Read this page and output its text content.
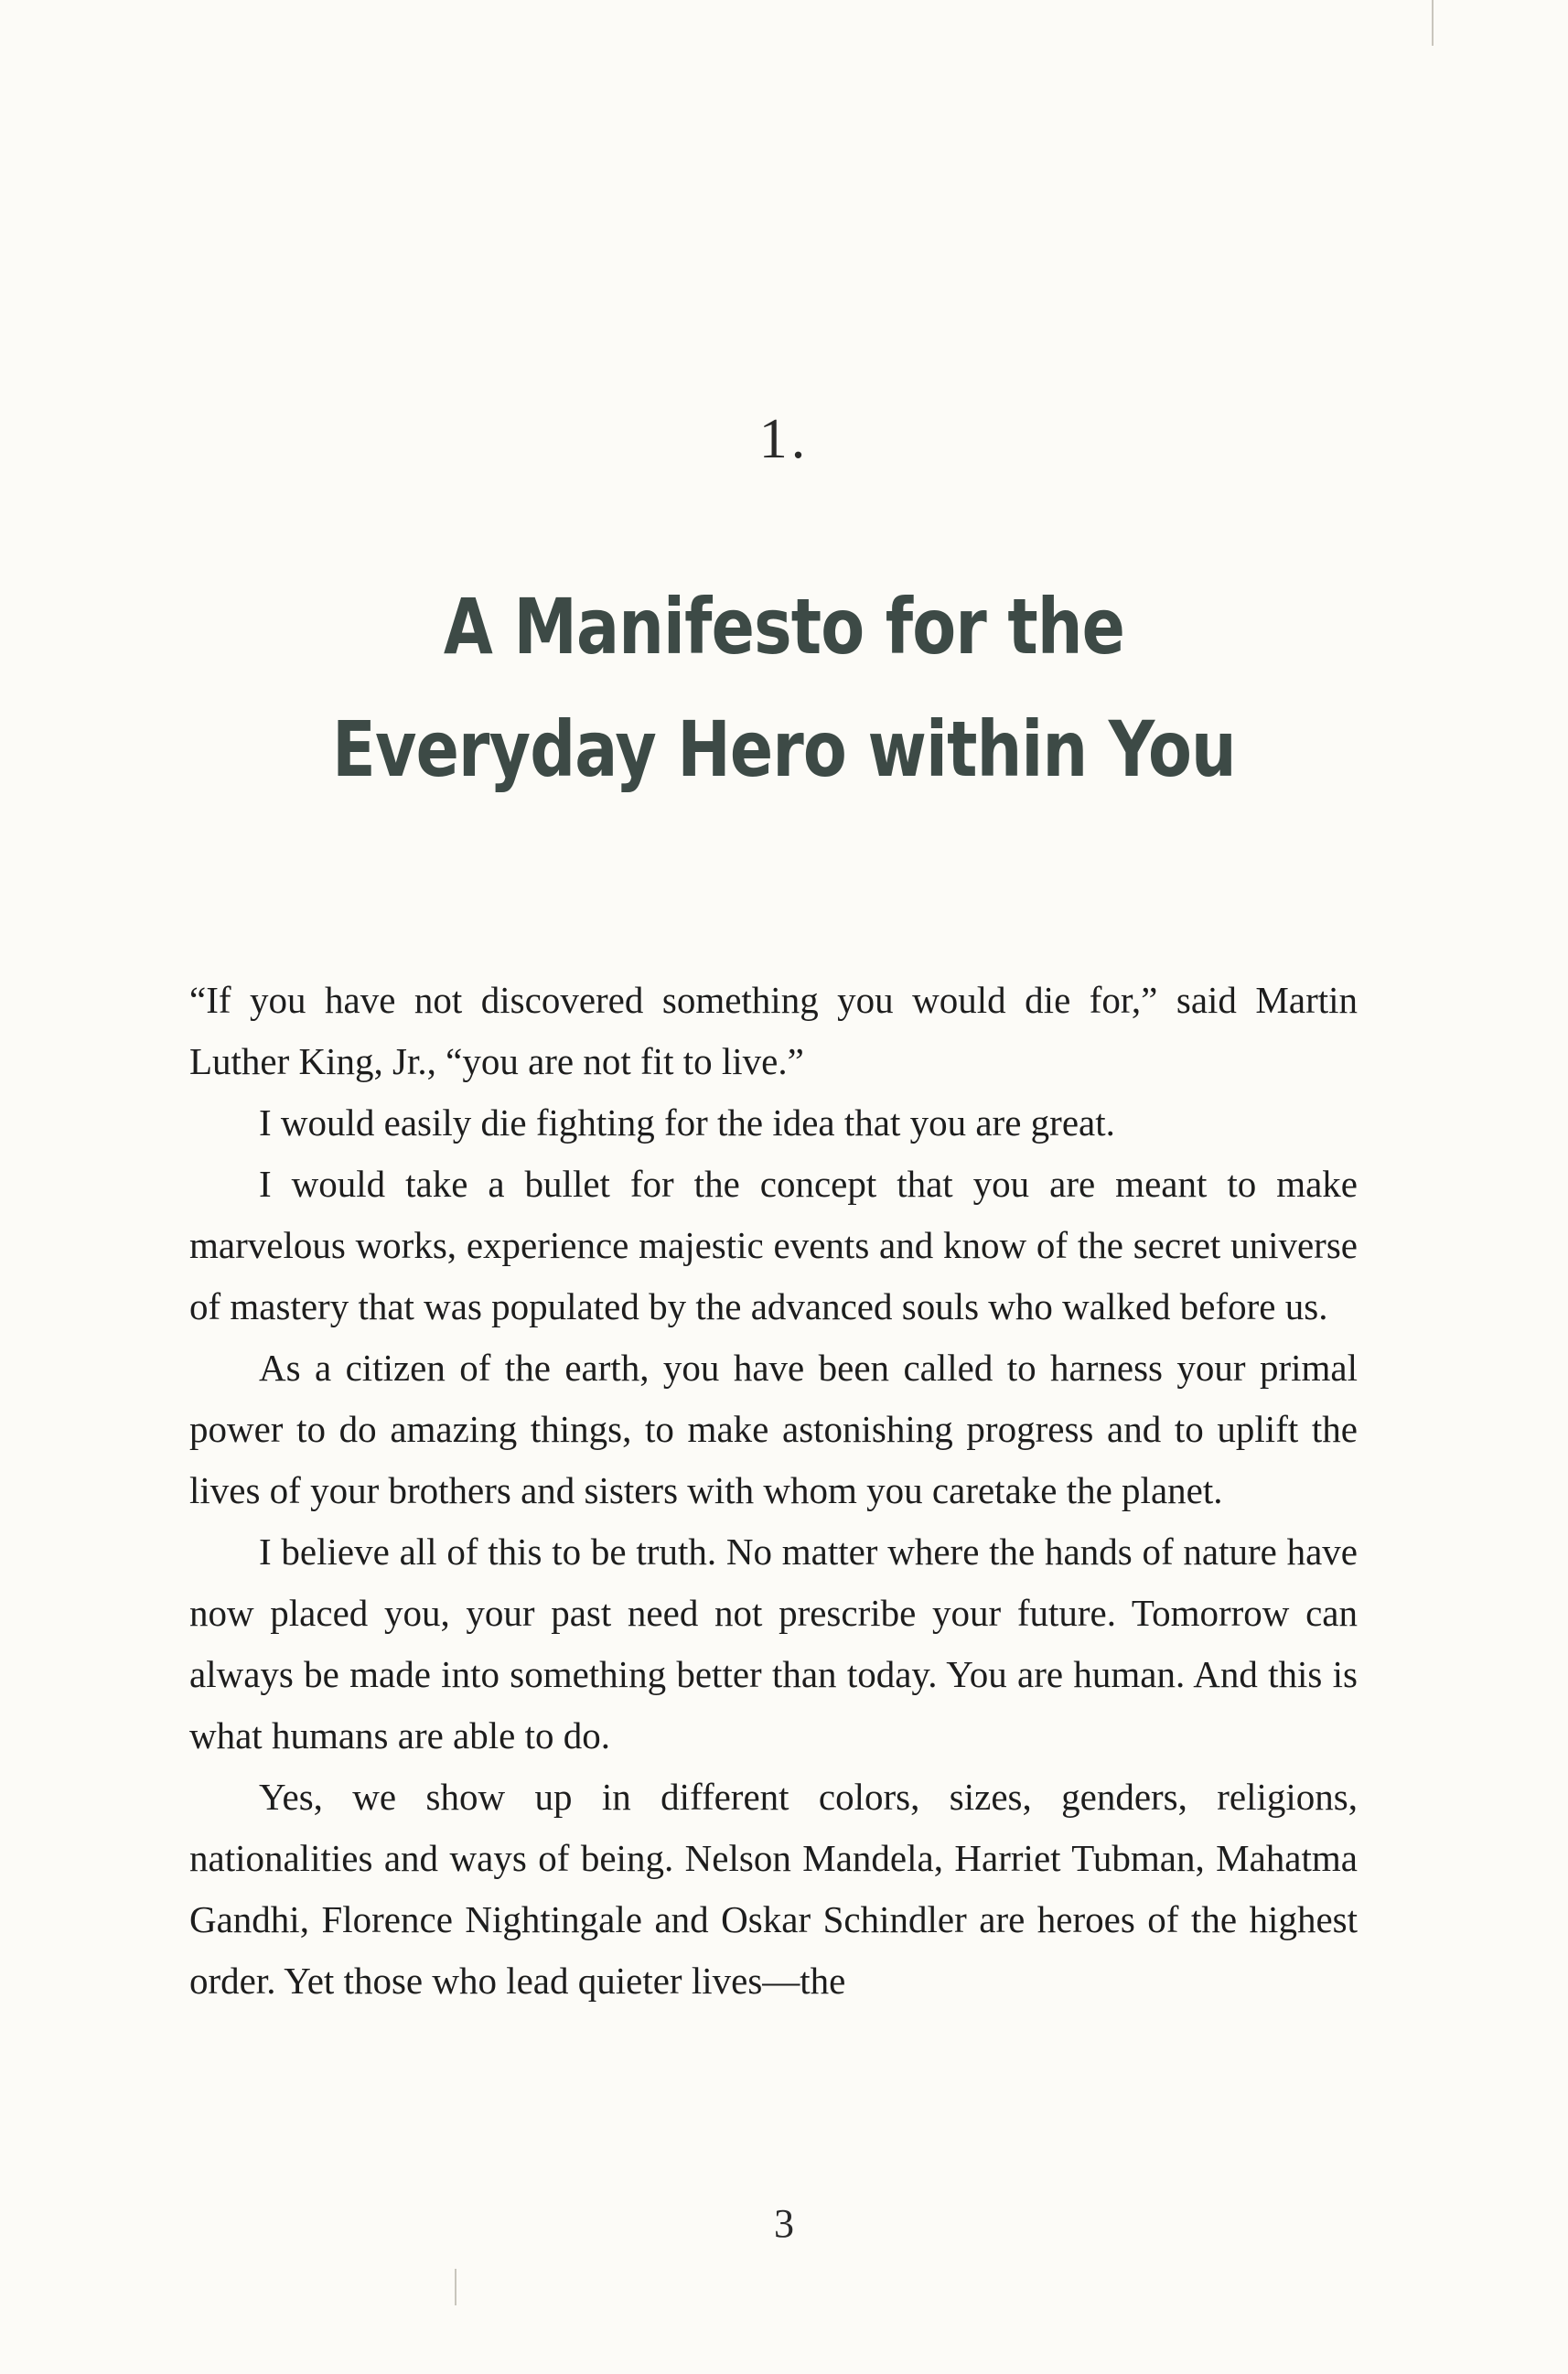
1.
A Manifesto for the
Everyday Hero within You

“If you have not discovered something you would die for,” said Martin Luther King, Jr., “you are not fit to live.”

I would easily die fighting for the idea that you are great.

I would take a bullet for the concept that you are meant to make marvelous works, experience majestic events and know of the secret universe of mastery that was populated by the advanced souls who walked before us.

As a citizen of the earth, you have been called to harness your primal power to do amazing things, to make astonishing progress and to uplift the lives of your brothers and sisters with whom you caretake the planet.

I believe all of this to be truth. No matter where the hands of nature have now placed you, your past need not prescribe your future. Tomorrow can always be made into something better than today. You are human. And this is what humans are able to do.

Yes, we show up in different colors, sizes, genders, religions, nationalities and ways of being. Nelson Mandela, Harriet Tubman, Mahatma Gandhi, Florence Nightingale and Oskar Schindler are heroes of the highest order. Yet those who lead quieter lives—the

3
